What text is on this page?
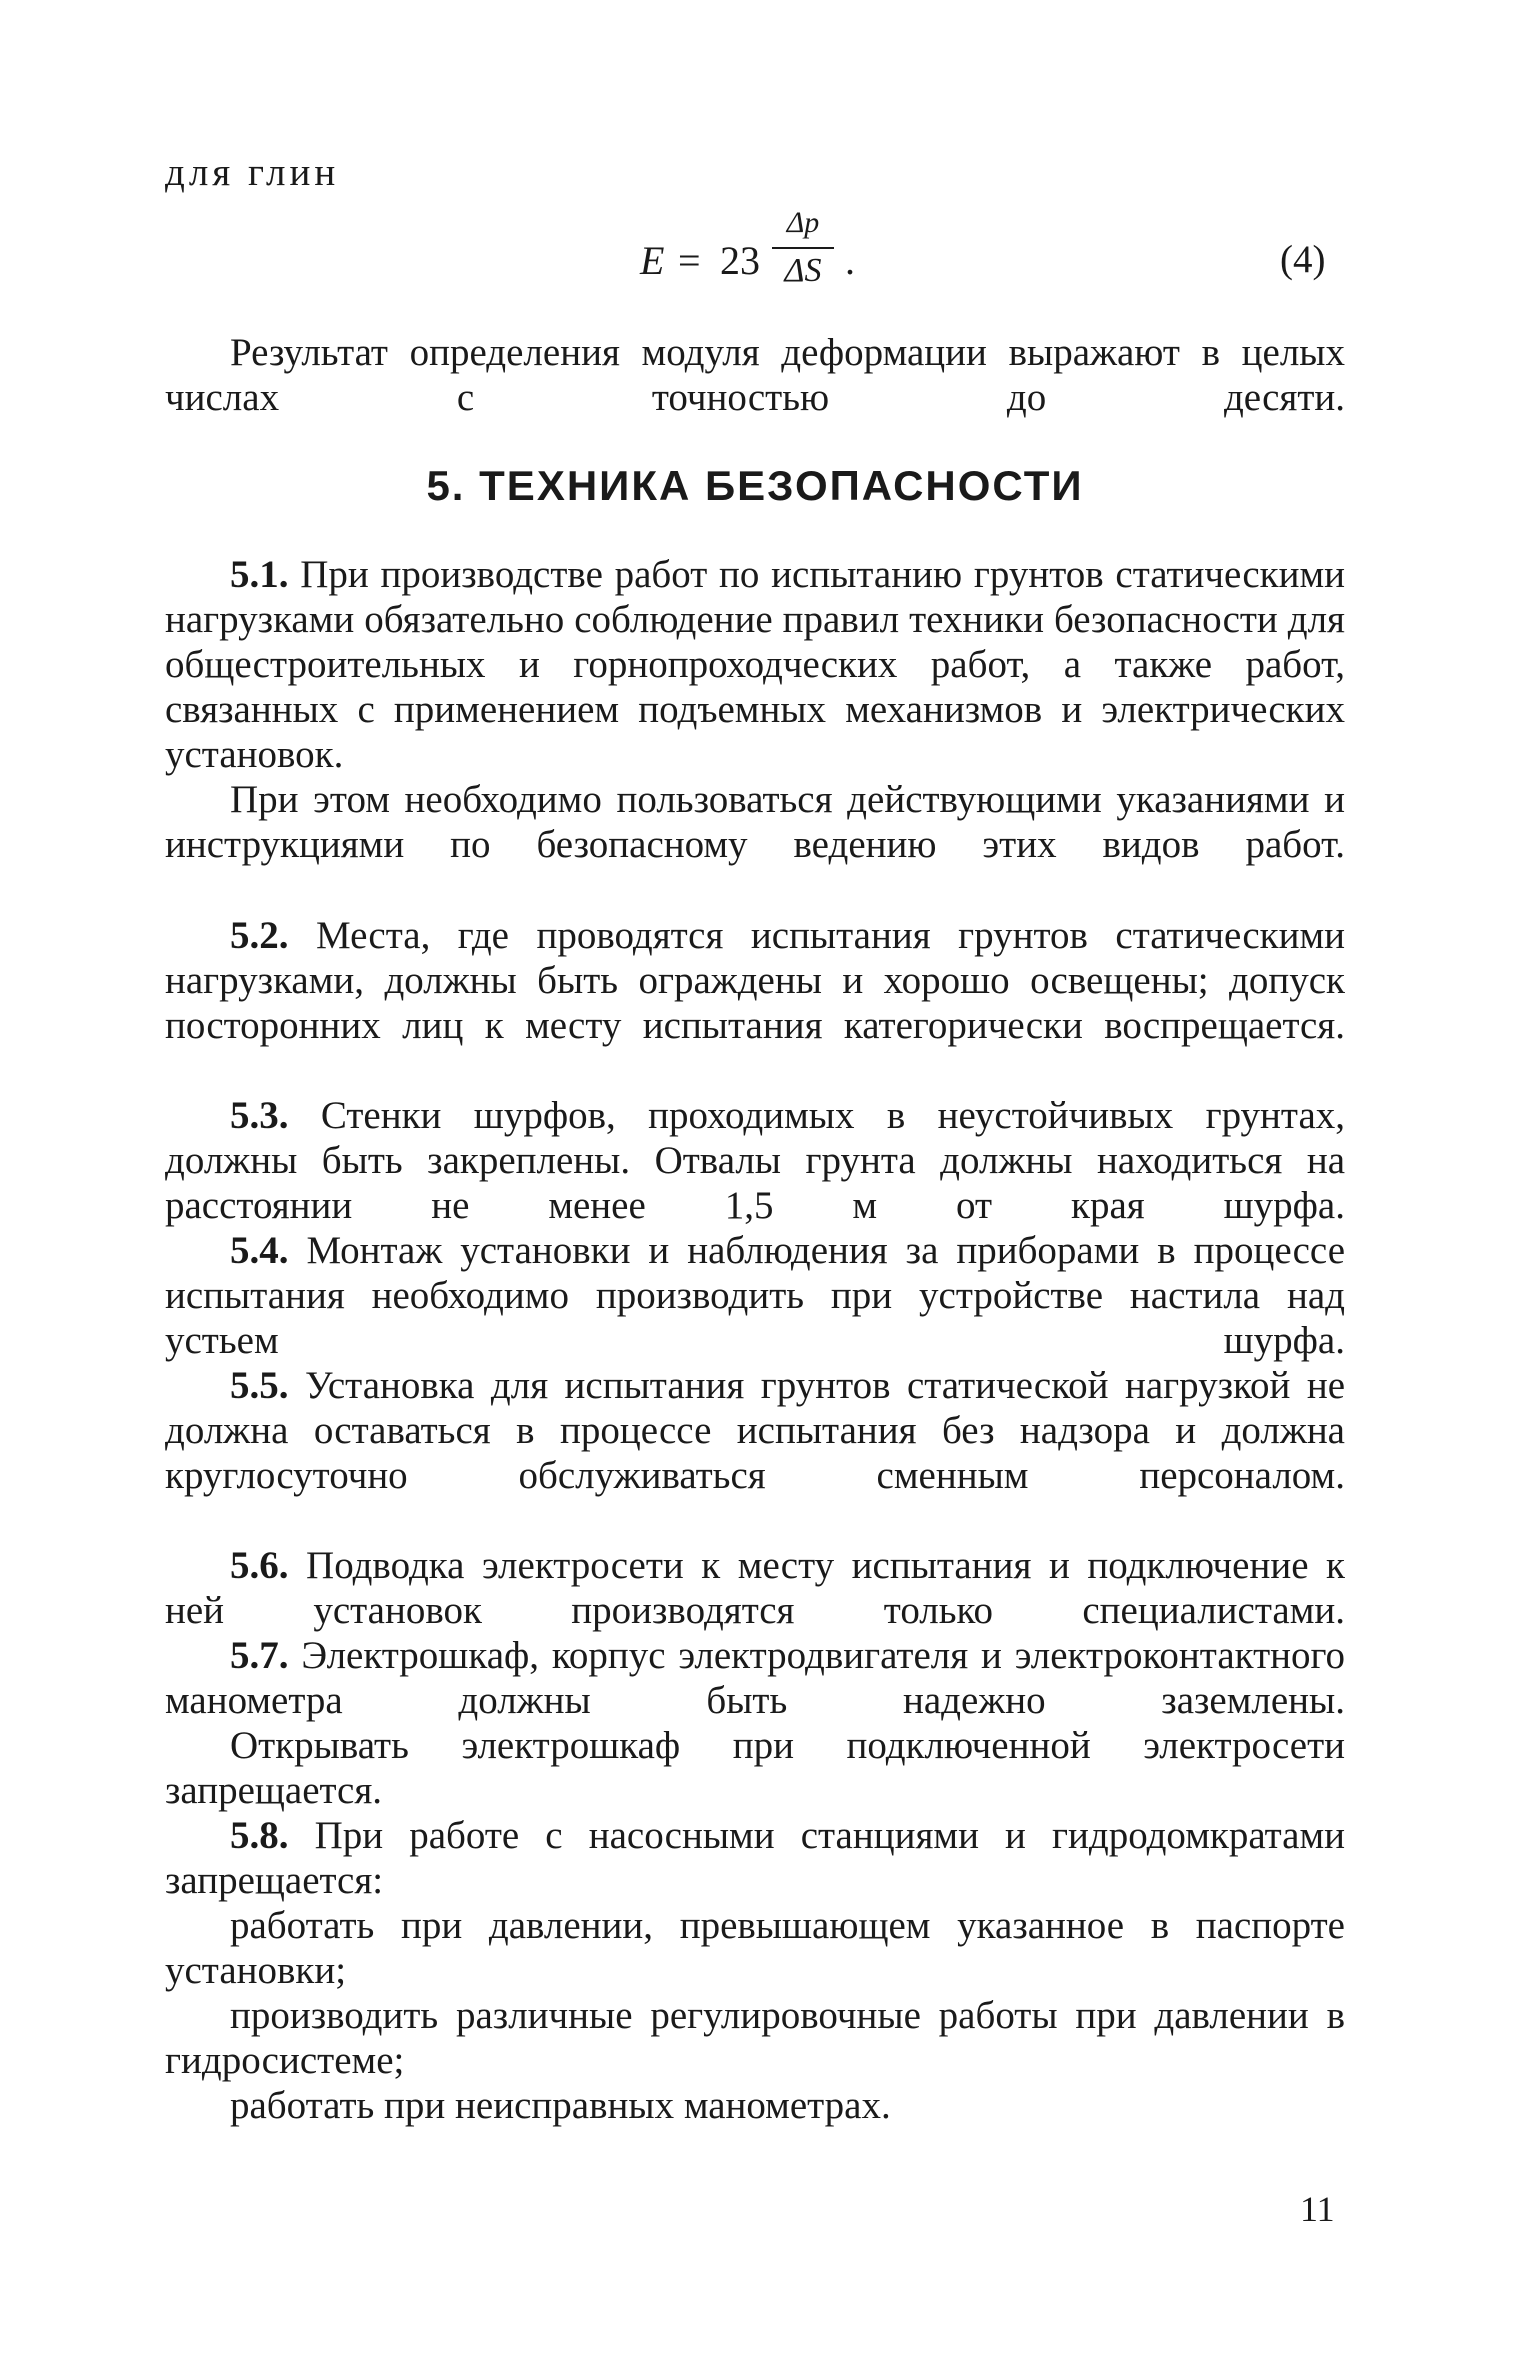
для глин

E = 23
Δp
ΔS .	(4)

Результат определения модуля деформации выражают в целых числах с точностью до десяти.

5. ТЕХНИКА БЕЗОПАСНОСТИ

5.1. При производстве работ по испытанию грунтов статическими нагрузками обязательно соблюдение правил техники безопасности для общестроительных и горнопроходческих работ, а также работ, связанных с применением подъемных механизмов и электрических установок.

При этом необходимо пользоваться действующими указаниями и инструкциями по безопасному ведению этих видов работ.

5.2. Места, где проводятся испытания грунтов статическими нагрузками, должны быть ограждены и хорошо освещены; допуск посторонних лиц к месту испытания категорически воспрещается.

5.3. Стенки шурфов, проходимых в неустойчивых грунтах, должны быть закреплены. Отвалы грунта должны находиться на расстоянии не менее 1,5 м от края шурфа.

5.4. Монтаж установки и наблюдения за приборами в процессе испытания необходимо производить при устройстве настила над устьем шурфа.

5.5. Установка для испытания грунтов статической нагрузкой не должна оставаться в процессе испытания без надзора и должна круглосуточно обслуживаться сменным персоналом.

5.6. Подводка электросети к месту испытания и подключение к ней установок производятся только специалистами.

5.7. Электрошкаф, корпус электродвигателя и электроконтактного манометра должны быть надежно заземлены.

Открывать электрошкаф при подключенной электросети запрещается.

5.8. При работе с насосными станциями и гидродомкратами запрещается:

работать при давлении, превышающем указанное в паспорте установки;

производить различные регулировочные работы при давлении в гидросистеме;

работать при неисправных манометрах.

11
